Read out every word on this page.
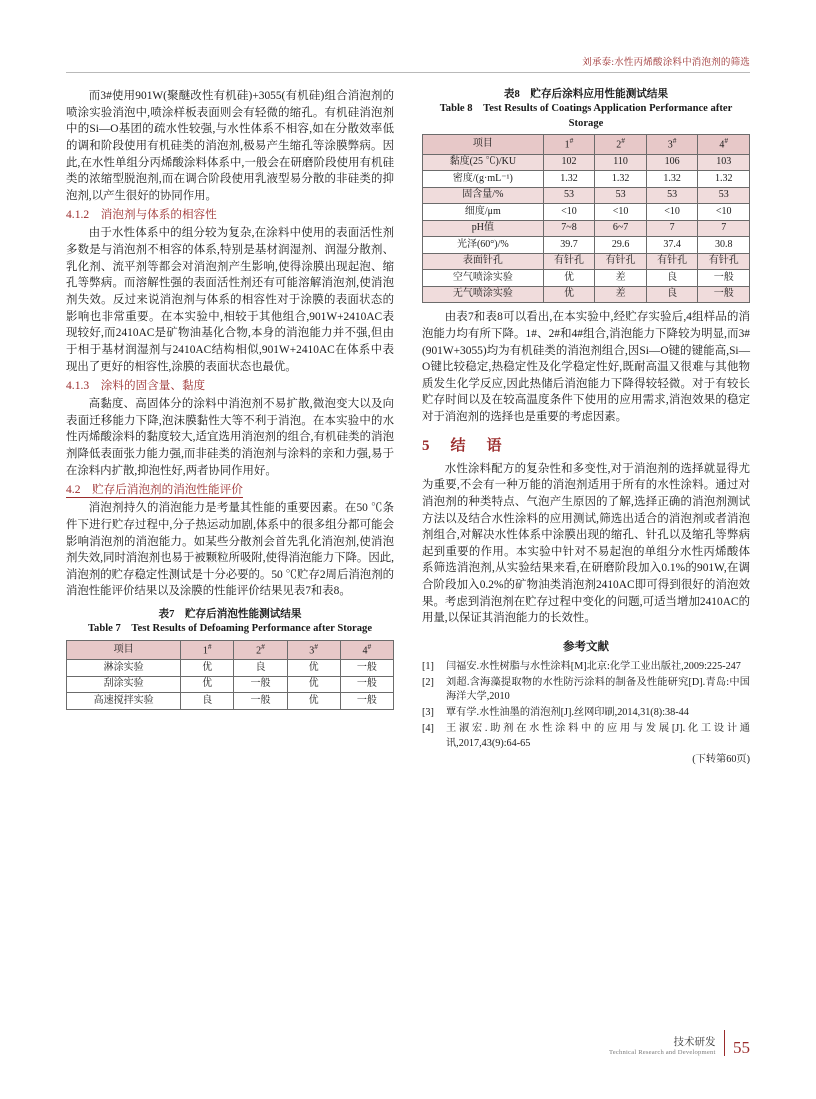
刘承泰:水性丙烯酸涂料中消泡剂的筛选

而3#使用901W(聚醚改性有机硅)+3055(有机硅)组合消泡剂的喷涂实验消泡中,喷涂样板表面则会有轻微的缩孔。有机硅消泡剂中的Si—O基团的疏水性较强,与水性体系不相容,如在分散效率低的调和阶段使用有机硅类的消泡剂,极易产生缩孔等涂膜弊病。因此,在水性单组分丙烯酸涂料体系中,一般会在研磨阶段使用有机硅类的浓缩型脱泡剂,而在调合阶段使用乳液型易分散的非硅类的抑泡剂,以产生很好的协同作用。

4.1.2　消泡剂与体系的相容性

由于水性体系中的组分较为复杂,在涂料中使用的表面活性剂多数是与消泡剂不相容的体系,特别是基材润湿剂、润湿分散剂、乳化剂、流平剂等都会对消泡剂产生影响,使得涂膜出现起泡、缩孔等弊病。而溶解性强的表面活性剂还有可能溶解消泡剂,使消泡剂失效。反过来说消泡剂与体系的相容性对于涂膜的表面状态的影响也非常重要。在本实验中,相较于其他组合,901W+2410AC表现较好,而2410AC是矿物油基化合物,本身的消泡能力并不强,但由于相于基材润湿剂与2410AC结构相似,901W+2410AC在体系中表现出了更好的相容性,涂膜的表面状态也最优。

4.1.3　涂料的固含量、黏度

高黏度、高固体分的涂料中消泡剂不易扩散,微泡变大以及向表面迁移能力下降,泡沫膜黏性大等不利于消泡。在本实验中的水性丙烯酸涂料的黏度较大,适宜选用消泡剂的组合,有机硅类的消泡剂降低表面张力能力强,而非硅类的消泡剂与涂料的亲和力强,易于在涂料内扩散,抑泡性好,两者协同作用好。

4.2　贮存后消泡剂的消泡性能评价

消泡剂持久的消泡能力是考量其性能的重要因素。在50 ℃条件下进行贮存过程中,分子热运动加剧,体系中的很多组分都可能会影响消泡剂的消泡能力。如某些分散剂会首先乳化消泡剂,使消泡剂失效,同时消泡剂也易于被颗粒所吸附,使得消泡能力下降。因此,消泡剂的贮存稳定性测试是十分必要的。50 ℃贮存2周后消泡剂的消泡性能评价结果以及涂膜的性能评价结果见表7和表8。

表7　贮存后消泡性能测试结果
Table 7　Test Results of Defoaming Performance after Storage
项目	1#	2#	3#	4#
淋涂实验	优	良	优	一般
刮涂实验	优	一般	优	一般
高速搅拌实验	良	一般	优	一般
表8　贮存后涂料应用性能测试结果
Table 8　Test Results of Coatings Application Performance after Storage
项目	1#	2#	3#	4#
黏度(25 ℃)/KU	102	110	106	103
密度/(g·mL⁻¹)	1.32	1.32	1.32	1.32
固含量/%	53	53	53	53
细度/μm	<10	<10	<10	<10
pH值	7~8	6~7	7	7
光泽(60°)/%	39.7	29.6	37.4	30.8
表面针孔	有针孔	有针孔	有针孔	有针孔
空气喷涂实验	优	差	良	一般
无气喷涂实验	优	差	良	一般

由表7和表8可以看出,在本实验中,经贮存实验后,4组样品的消泡能力均有所下降。1#、2#和4#组合,消泡能力下降较为明显,而3#(901W+3055)均为有机硅类的消泡剂组合,因Si—O键的键能高,Si—O键比较稳定,热稳定性及化学稳定性好,既耐高温又很难与其他物质发生化学反应,因此热储后消泡能力下降得较轻微。对于有较长贮存时间以及在较高温度条件下使用的应用需求,消泡效果的稳定对于消泡剂的选择也是重要的考虑因素。

5　结　语

水性涂料配方的复杂性和多变性,对于消泡剂的选择就显得尤为重要,不会有一种万能的消泡剂适用于所有的水性涂料。通过对消泡剂的种类特点、气泡产生原因的了解,选择正确的消泡剂测试方法以及结合水性涂料的应用测试,筛选出适合的消泡剂或者消泡剂组合,对解决水性体系中涂膜出现的缩孔、针孔以及缩孔等弊病起到重要的作用。本实验中针对不易起泡的单组分水性丙烯酸体系筛选消泡剂,从实验结果来看,在研磨阶段加入0.1%的901W,在调合阶段加入0.2%的矿物油类消泡剂2410AC即可得到很好的消泡效果。考虑到消泡剂在贮存过程中变化的问题,可适当增加2410AC的用量,以保证其消泡能力的长效性。

参考文献
[1]	闫福安.水性树脂与水性涂料[M]北京:化学工业出版社,2009:225-247
[2]	刘超.含海藻提取物的水性防污涂料的制备及性能研究[D].青岛:中国海洋大学,2010
[3]	覃有学.水性油墨的消泡剂[J].丝网印刷,2014,31(8):38-44
[4]	王淑宏.助剂在水性涂料中的应用与发展[J].化工设计通讯,2017,43(9):64-65
(下转第60页)
技术研发
Technical Research and Development 55
